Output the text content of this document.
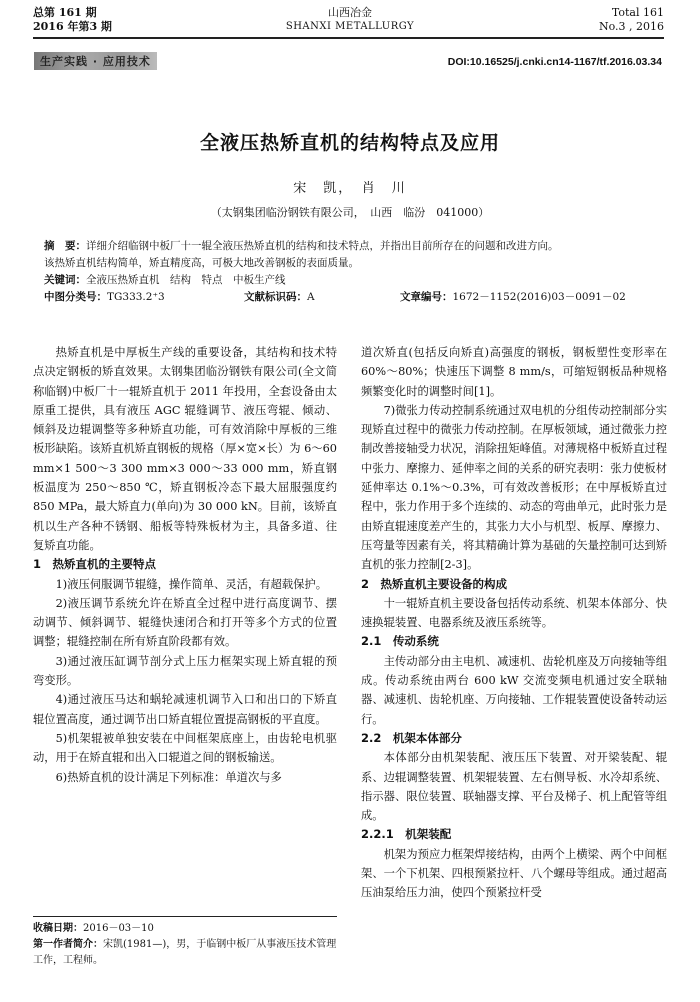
总第 161 期
2016 年第3 期
山西冶金
SHANXI METALLURGY
Total 161
No.3 , 2016
生产实践 · 应用技术	DOI:10.16525/j.cnki.cn14-1167/tf.2016.03.34
全液压热矫直机的结构特点及应用
宋　凯，　肖　川
（太钢集团临汾钢铁有限公司，　山西　临汾　041000）
摘　要：详细介绍临钢中板厂十一辊全液压热矫直机的结构和技术特点，并指出目前所存在的问题和改进方向。
该热矫直机结构简单，矫直精度高，可极大地改善钢板的表面质量。
关键词：全液压热矫直机　结构　特点　中板生产线
中图分类号：TG333.2⁺3	文献标识码：A	文章编号：1672－1152(2016)03－0091－02

热矫直机是中厚板生产线的重要设备，其结构和技术特点决定钢板的矫直效果。太钢集团临汾钢铁有限公司(全文简称临钢)中板厂十一辊矫直机于 2011 年投用，全套设备由太原重工提供，具有液压 AGC 辊缝调节、液压弯辊、倾动、倾斜及边辊调整等多种矫直功能，可有效消除中厚板的三维板形缺陷。该矫直机矫直钢板的规格（厚×宽×长）为 6～60 mm×1 500～3 300 mm×3 000～33 000 mm，矫直钢板温度为 250～850 ℃，矫直钢板冷态下最大屈服强度约 850 MPa，最大矫直力(单向)为 30 000 kN。目前，该矫直机以生产各种不锈钢、船板等特殊板材为主，具备多道、往复矫直功能。

1　热矫直机的主要特点

1)液压伺服调节辊缝，操作简单、灵活，有超载保护。

2)液压调节系统允许在矫直全过程中进行高度调节、摆动调节、倾斜调节、辊缝快速闭合和打开等多个方式的位置调整；辊缝控制在所有矫直阶段都有效。

3)通过液压缸调节剖分式上压力框架实现上矫直辊的预弯变形。

4)通过液压马达和蜗轮减速机调节入口和出口的下矫直辊位置高度，通过调节出口矫直辊位置提高钢板的平直度。

5)机架辊被单独安装在中间框架底座上，由齿轮电机驱动，用于在矫直辊和出入口辊道之间的钢板输送。

6)热矫直机的设计满足下列标准：单道次与多

收稿日期：2016－03－10
第一作者简介：宋凯(1981—)，男，于临钢中板厂从事液压技术管理工作，工程师。

道次矫直(包括反向矫直)高强度的钢板，钢板塑性变形率在 60%～80%；快速压下调整 8 mm/s，可缩短钢板品种规格频繁变化时的调整时间[1]。

7)微张力传动控制系统通过双电机的分组传动控制部分实现矫直过程中的微张力传动控制。在厚板领域，通过微张力控制改善接轴受力状况，消除扭矩峰值。对薄规格中板矫直过程中张力、摩擦力、延伸率之间的关系的研究表明：张力使板材延伸率达 0.1%～0.3%，可有效改善板形；在中厚板矫直过程中，张力作用于多个连续的、动态的弯曲单元，此时张力是由矫直辊速度差产生的，其张力大小与机型、板厚、摩擦力、压弯量等因素有关，将其精确计算为基础的矢量控制可达到矫直机的张力控制[2-3]。

2　热矫直机主要设备的构成

十一辊矫直机主要设备包括传动系统、机架本体部分、快速换辊装置、电器系统及液压系统等。

2.1　传动系统

主传动部分由主电机、减速机、齿轮机座及万向接轴等组成。传动系统由两台 600 kW 交流变频电机通过安全联轴器、减速机、齿轮机座、万向接轴、工作辊装置使设备转动运行。

2.2　机架本体部分

本体部分由机架装配、液压压下装置、对开梁装配、辊系、边辊调整装置、机架辊装置、左右侧导板、水冷却系统、指示器、限位装置、联轴器支撑、平台及梯子、机上配管等组成。

2.2.1　机架装配

机架为预应力框架焊接结构，由两个上横梁、两个中间框架、一个下机架、四根预紧拉杆、八个螺母等组成。通过超高压油泵给压力油，使四个预紧拉杆受
